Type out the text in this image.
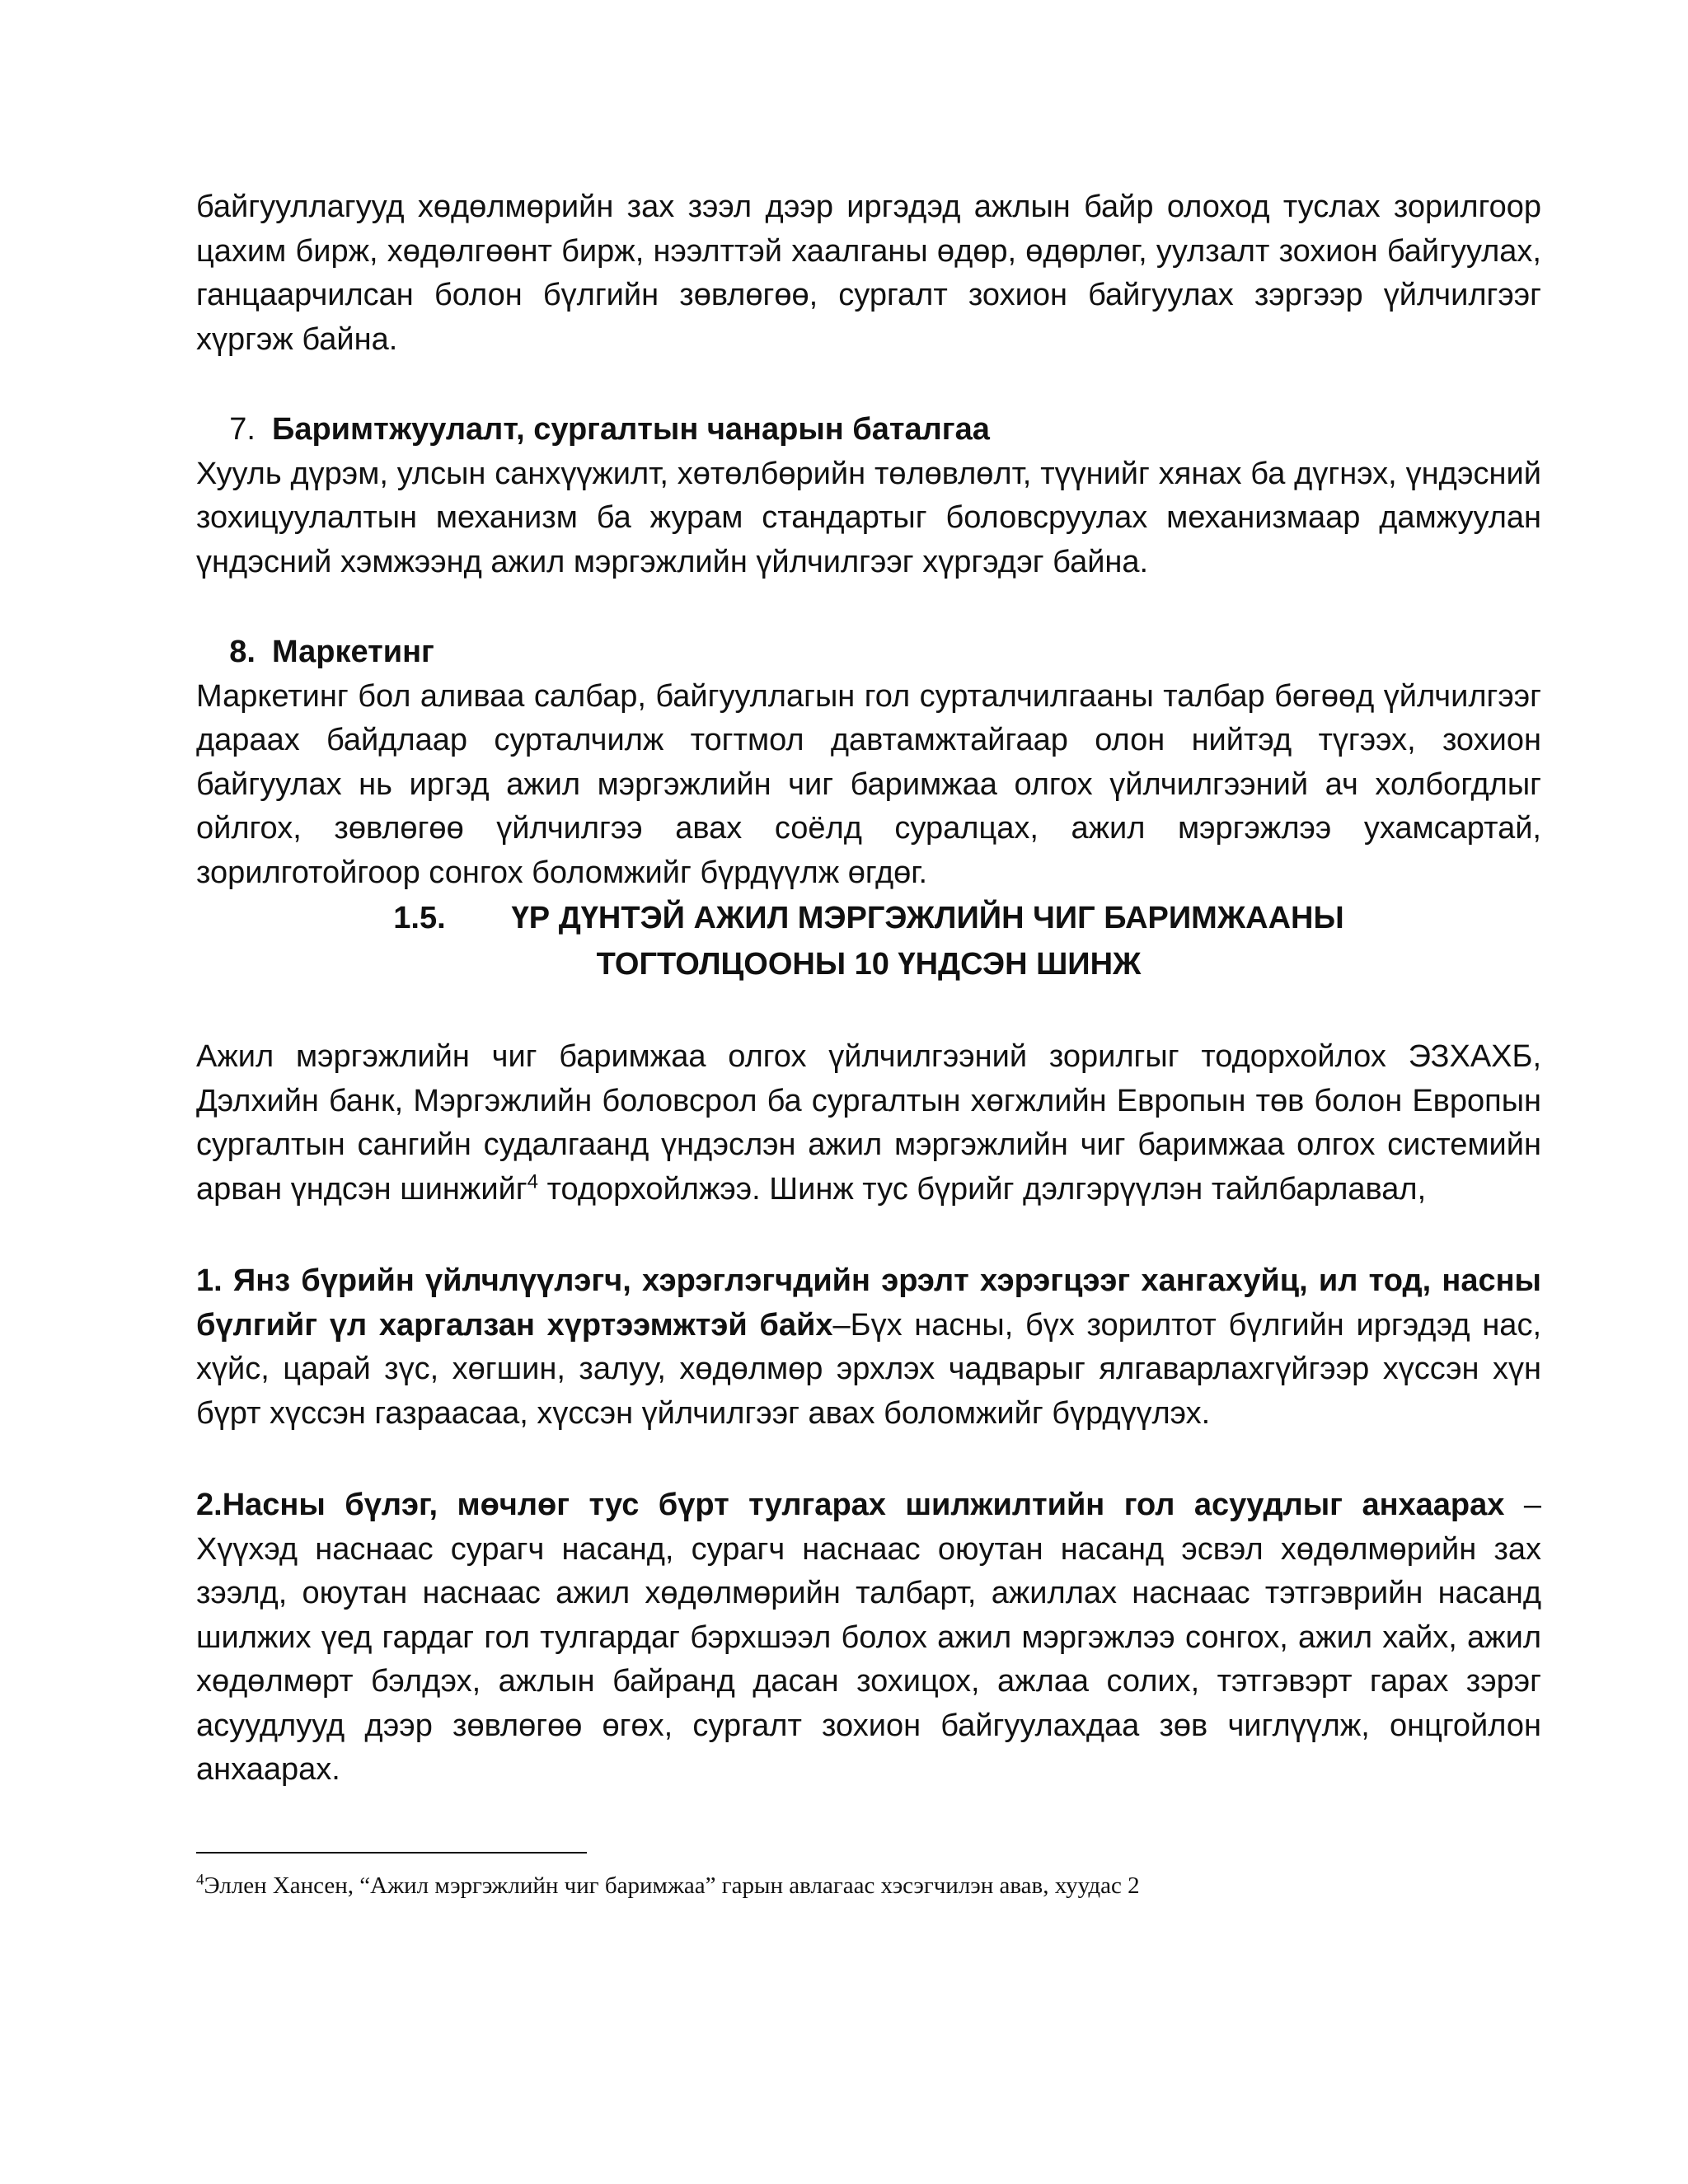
байгууллагууд хөдөлмөрийн зах зээл дээр иргэдэд ажлын байр олоход туслах зорилгоор цахим бирж, хөдөлгөөнт бирж, нээлттэй хаалганы өдөр, өдөрлөг, уулзалт зохион байгуулах, ганцаарчилсан болон бүлгийн зөвлөгөө, сургалт зохион байгуулах зэргээр үйлчилгээг хүргэж байна.

7. Баримтжуулалт, сургалтын чанарын баталгаа

Хууль дүрэм, улсын санхүүжилт, хөтөлбөрийн төлөвлөлт, түүнийг хянах ба дүгнэх, үндэсний зохицуулалтын механизм ба журам стандартыг боловсруулах механизмаар дамжуулан үндэсний хэмжээнд ажил мэргэжлийн үйлчилгээг хүргэдэг байна.

8. Маркетинг

Маркетинг бол аливаа салбар, байгууллагын гол сурталчилгааны талбар бөгөөд үйлчилгээг дараах байдлаар сурталчилж тогтмол давтамжтайгаар олон нийтэд түгээх, зохион байгуулах нь иргэд ажил мэргэжлийн чиг баримжаа олгох үйлчилгээний ач холбогдлыг ойлгох, зөвлөгөө үйлчилгээ авах соёлд суралцах, ажил мэргэжлээ ухамсартай, зорилготойгоор сонгох боломжийг бүрдүүлж өгдөг.

1.5. ҮР ДҮНТЭЙ АЖИЛ МЭРГЭЖЛИЙН ЧИГ БАРИМЖААНЫ

ТОГТОЛЦООНЫ 10 ҮНДСЭН ШИНЖ

Ажил мэргэжлийн чиг баримжаа олгох үйлчилгээний зорилгыг тодорхойлох ЭЗХАХБ, Дэлхийн банк, Мэргэжлийн боловсрол ба сургалтын хөгжлийн Европын төв болон Европын сургалтын сангийн судалгаанд үндэслэн ажил мэргэжлийн чиг баримжаа олгох системийн арван үндсэн шинжийг$^4$ тодорхойлжээ. Шинж тус бүрийг дэлгэрүүлэн тайлбарлавал,

1. Янз бүрийн үйлчлүүлэгч, хэрэглэгчдийн эрэлт хэрэгцээг хангахуйц, ил тод, насны бүлгийг үл харгалзан хүртээмжтэй байх–Бүх насны, бүх зорилтот бүлгийн иргэдэд нас, хүйс, царай зүс, хөгшин, залуу, хөдөлмөр эрхлэх чадварыг ялгаварлахгүйгээр хүссэн хүн бүрт хүссэн газраасаа, хүссэн үйлчилгээг авах боломжийг бүрдүүлэх.

2.Насны бүлэг, мөчлөг тус бүрт тулгарах шилжилтийн гол асуудлыг анхаарах – Хүүхэд наснаас сурагч насанд, сурагч наснаас оюутан насанд эсвэл хөдөлмөрийн зах зээлд, оюутан наснаас ажил хөдөлмөрийн талбарт, ажиллах наснаас тэтгэврийн насанд шилжих үед гардаг гол тулгардаг бэрхшээл болох ажил мэргэжлээ сонгох, ажил хайх, ажил хөдөлмөрт бэлдэх, ажлын байранд дасан зохицох, ажлаа солих, тэтгэвэрт гарах зэрэг асуудлууд дээр зөвлөгөө өгөх, сургалт зохион байгуулахдаа зөв чиглүүлж, онцгойлон анхаарах.

$^4$Эллен Хансен, “Ажил мэргэжлийн чиг баримжаа” гарын авлагаас хэсэгчилэн авав, хуудас 2
